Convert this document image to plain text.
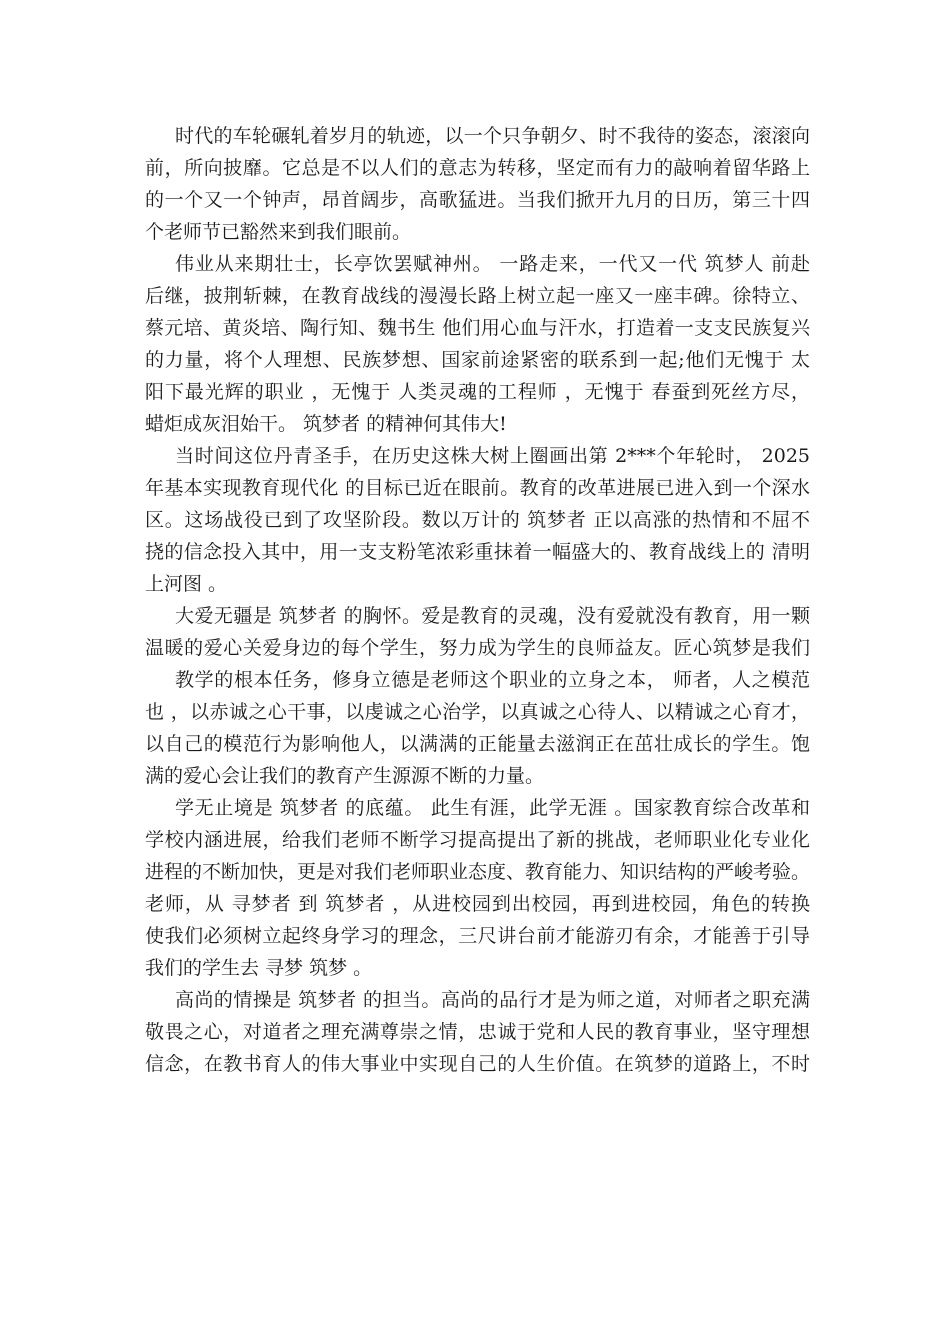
时代的车轮碾轧着岁月的轨迹，以一个只争朝夕、时不我待的姿态，滚滚向
前，所向披靡。它总是不以人们的意志为转移，坚定而有力的敲响着留华路上
的一个又一个钟声，昂首阔步，高歌猛进。当我们掀开九月的日历，第三十四
个老师节已豁然来到我们眼前。
伟业从来期壮士，长亭饮罢赋神州。 一路走来，一代又一代 筑梦人 前赴
后继，披荆斩棘，在教育战线的漫漫长路上树立起一座又一座丰碑。徐特立、
蔡元培、黄炎培、陶行知、魏书生 他们用心血与汗水，打造着一支支民族复兴
的力量，将个人理想、民族梦想、国家前途紧密的联系到一起;他们无愧于 太
阳下最光辉的职业 ，无愧于 人类灵魂的工程师 ，无愧于 春蚕到死丝方尽，
蜡炬成灰泪始干。 筑梦者 的精神何其伟大!
当时间这位丹青圣手，在历史这株大树上圈画出第 2***个年轮时， 2025
年基本实现教育现代化 的目标已近在眼前。教育的改革进展已进入到一个深水
区。这场战役已到了攻坚阶段。数以万计的 筑梦者 正以高涨的热情和不屈不
挠的信念投入其中，用一支支粉笔浓彩重抹着一幅盛大的、教育战线上的 清明
上河图 。
大爱无疆是 筑梦者 的胸怀。爱是教育的灵魂，没有爱就没有教育，用一颗
温暖的爱心关爱身边的每个学生，努力成为学生的良师益友。匠心筑梦是我们
教学的根本任务，修身立德是老师这个职业的立身之本， 师者，人之模范
也 ，以赤诚之心干事，以虔诚之心治学，以真诚之心待人、以精诚之心育才，
以自己的模范行为影响他人，以满满的正能量去滋润正在茁壮成长的学生。饱
满的爱心会让我们的教育产生源源不断的力量。
学无止境是 筑梦者 的底蕴。 此生有涯，此学无涯 。国家教育综合改革和
学校内涵进展，给我们老师不断学习提高提出了新的挑战，老师职业化专业化
进程的不断加快，更是对我们老师职业态度、教育能力、知识结构的严峻考验。
老师，从 寻梦者 到 筑梦者 ，从进校园到出校园，再到进校园，角色的转换
使我们必须树立起终身学习的理念，三尺讲台前才能游刃有余，才能善于引导
我们的学生去 寻梦 筑梦 。
高尚的情操是 筑梦者 的担当。高尚的品行才是为师之道，对师者之职充满
敬畏之心，对道者之理充满尊崇之情，忠诚于党和人民的教育事业，坚守理想
信念，在教书育人的伟大事业中实现自己的人生价值。在筑梦的道路上，不时
